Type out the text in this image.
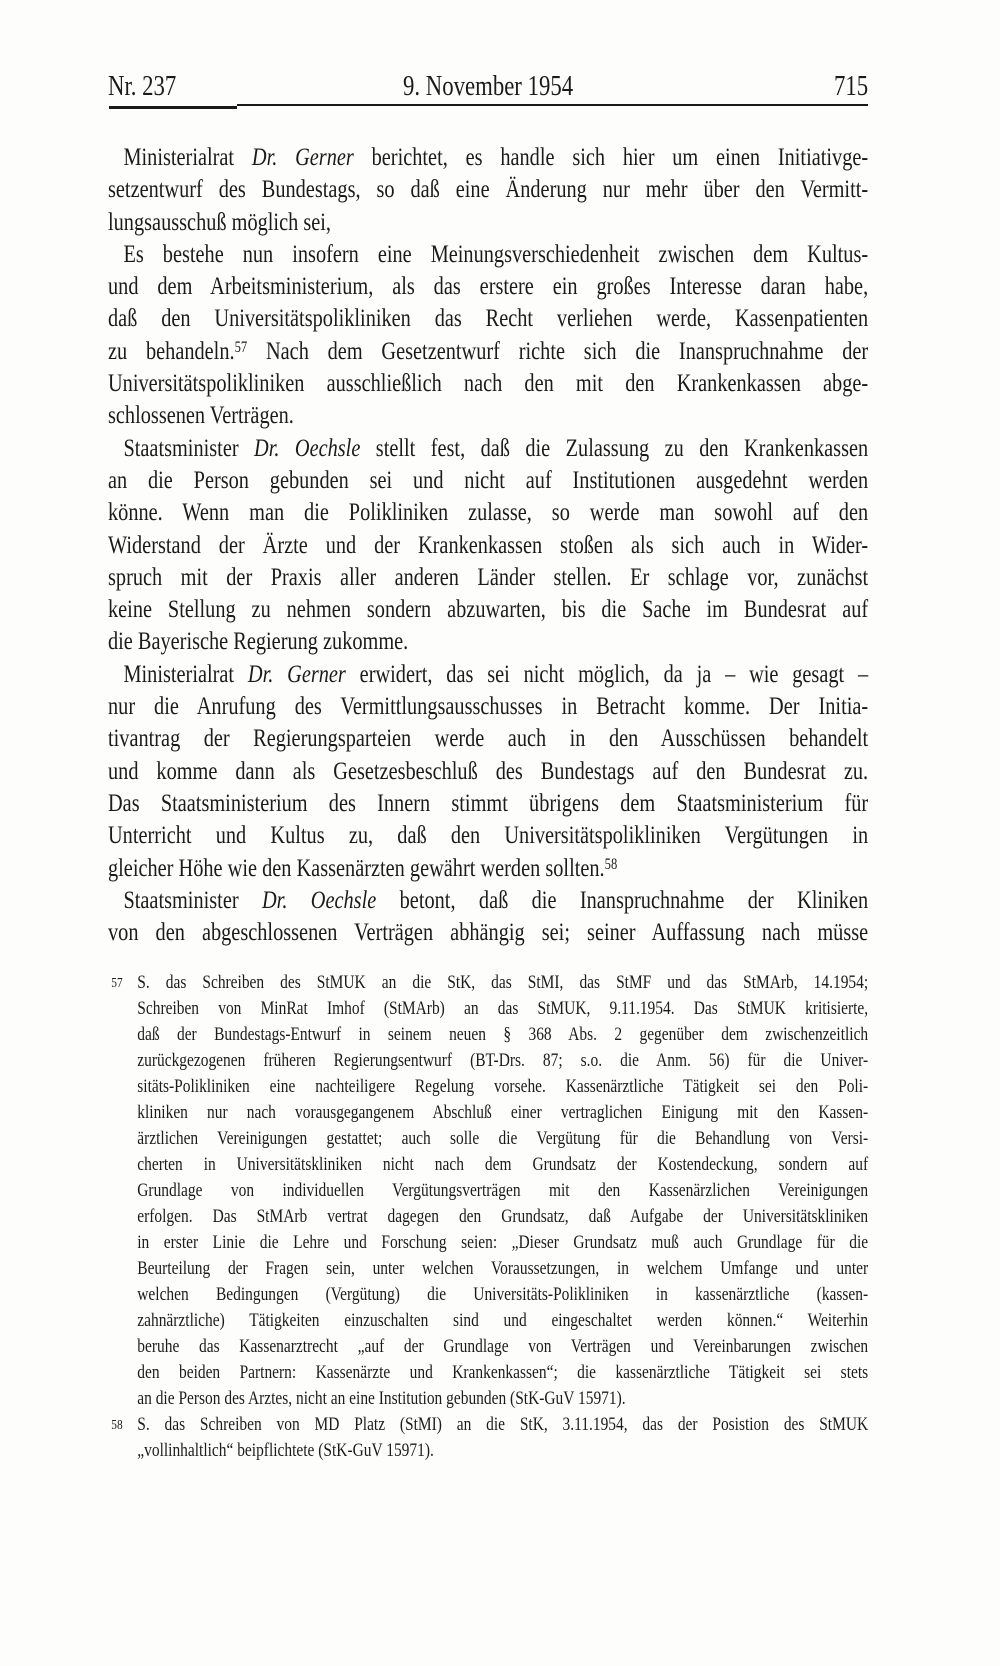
Nr. 237	9. November 1954	715
Ministerialrat Dr. Gerner berichtet, es handle sich hier um einen Initiativge-
setzentwurf des Bundestags, so daß eine Änderung nur mehr über den Vermitt-
lungsausschuß möglich sei,
Es bestehe nun insofern eine Meinungsverschiedenheit zwischen dem Kultus-
und dem Arbeitsministerium, als das erstere ein großes Interesse daran habe,
daß den Universitätspolikliniken das Recht verliehen werde, Kassenpatienten
zu behandeln.$^{57}$ Nach dem Gesetzentwurf richte sich die Inanspruchnahme der
Universitätspolikliniken ausschließlich nach den mit den Krankenkassen abge-
schlossenen Verträgen.
Staatsminister Dr. Oechsle stellt fest, daß die Zulassung zu den Krankenkassen
an die Person gebunden sei und nicht auf Institutionen ausgedehnt werden
könne. Wenn man die Polikliniken zulasse, so werde man sowohl auf den
Widerstand der Ärzte und der Krankenkassen stoßen als sich auch in Wider-
spruch mit der Praxis aller anderen Länder stellen. Er schlage vor, zunächst
keine Stellung zu nehmen sondern abzuwarten, bis die Sache im Bundesrat auf
die Bayerische Regierung zukomme.
Ministerialrat Dr. Gerner erwidert, das sei nicht möglich, da ja – wie gesagt –
nur die Anrufung des Vermittlungsausschusses in Betracht komme. Der Initia-
tivantrag der Regierungsparteien werde auch in den Ausschüssen behandelt
und komme dann als Gesetzesbeschluß des Bundestags auf den Bundesrat zu.
Das Staatsministerium des Innern stimmt übrigens dem Staatsministerium für
Unterricht und Kultus zu, daß den Universitätspolikliniken Vergütungen in
gleicher Höhe wie den Kassenärzten gewährt werden sollten.$^{58}$
Staatsminister Dr. Oechsle betont, daß die Inanspruchnahme der Kliniken
von den abgeschlossenen Verträgen abhängig sei; seiner Auffassung nach müsse
57 S. das Schreiben des StMUK an die StK, das StMI, das StMF und das StMArb, 14.1954;
Schreiben von MinRat Imhof (StMArb) an das StMUK, 9.11.1954. Das StMUK kritisierte,
daß der Bundestags-Entwurf in seinem neuen § 368 Abs. 2 gegenüber dem zwischenzeitlich
zurückgezogenen früheren Regierungsentwurf (BT-Drs. 87; s.o. die Anm. 56) für die Univer-
sitäts-Polikliniken eine nachteiligere Regelung vorsehe. Kassenärztliche Tätigkeit sei den Poli-
kliniken nur nach vorausgegangenem Abschluß einer vertraglichen Einigung mit den Kassen-
ärztlichen Vereinigungen gestattet; auch solle die Vergütung für die Behandlung von Versi-
cherten in Universitätskliniken nicht nach dem Grundsatz der Kostendeckung, sondern auf
Grundlage von individuellen Vergütungsverträgen mit den Kassenärzlichen Vereinigungen
erfolgen. Das StMArb vertrat dagegen den Grundsatz, daß Aufgabe der Universitätskliniken
in erster Linie die Lehre und Forschung seien: „Dieser Grundsatz muß auch Grundlage für die
Beurteilung der Fragen sein, unter welchen Voraussetzungen, in welchem Umfange und unter
welchen Bedingungen (Vergütung) die Universitäts-Polikliniken in kassenärztliche (kassen-
zahnärztliche) Tätigkeiten einzuschalten sind und eingeschaltet werden können.“ Weiterhin
beruhe das Kassenarztrecht „auf der Grundlage von Verträgen und Vereinbarungen zwischen
den beiden Partnern: Kassenärzte und Krankenkassen“; die kassenärztliche Tätigkeit sei stets
an die Person des Arztes, nicht an eine Institution gebunden (StK-GuV 15971).
58 S. das Schreiben von MD Platz (StMI) an die StK, 3.11.1954, das der Posistion des StMUK
„vollinhaltlich“ beipflichtete (StK-GuV 15971).
